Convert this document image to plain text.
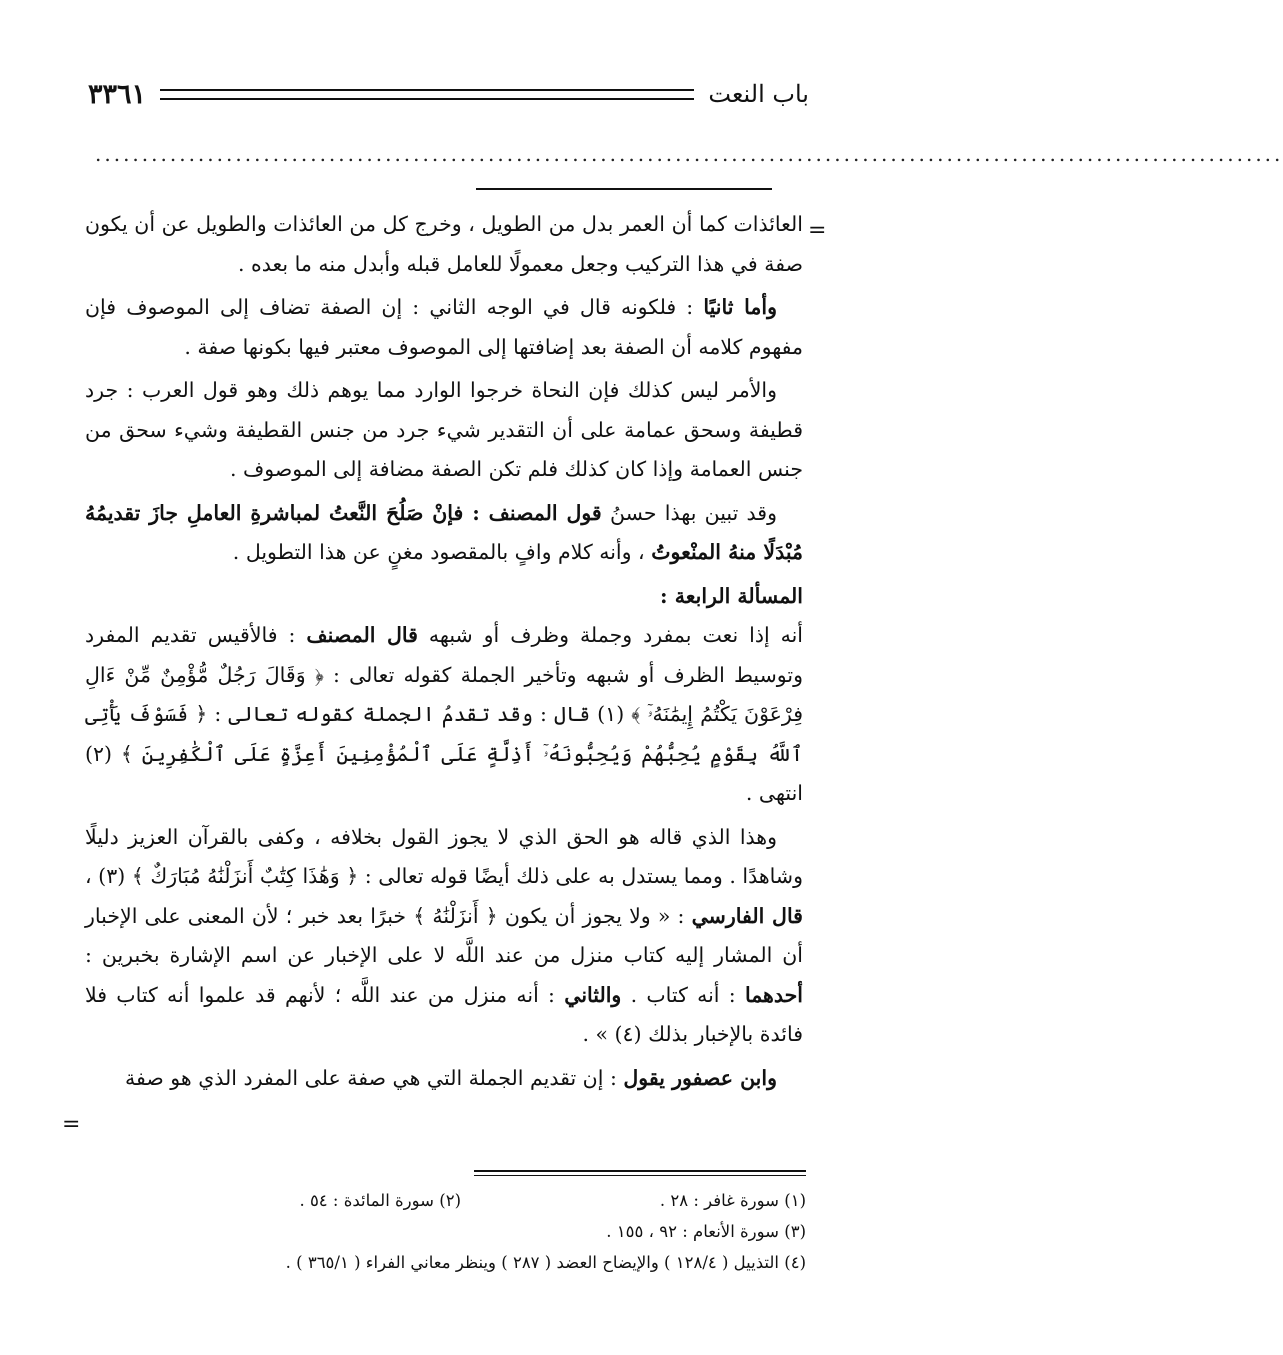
باب النعت
٣٣٦١
...............................................................................................................................
=

العائذات كما أن العمر بدل من الطويل ، وخرج كل من العائذات والطويل عن أن يكون صفة في هذا التركيب وجعل معمولًا للعامل قبله وأبدل منه ما بعده .

وأما ثانيًا : فلكونه قال في الوجه الثاني : إن الصفة تضاف إلى الموصوف فإن مفهوم كلامه أن الصفة بعد إضافتها إلى الموصوف معتبر فيها بكونها صفة .

والأمر ليس كذلك فإن النحاة خرجوا الوارد مما يوهم ذلك وهو قول العرب : جرد قطيفة وسحق عمامة على أن التقدير شيء جرد من جنس القطيفة وشيء سحق من جنس العمامة وإذا كان كذلك فلم تكن الصفة مضافة إلى الموصوف .

وقد تبين بهذا حسنُ قول المصنف : فإنْ صَلُحَ النَّعتُ لمباشرةِ العاملِ جازَ تقديمُهُ مُبْدَلًا منهُ المنْعوتُ ، وأنه كلام وافٍ بالمقصود مغنٍ عن هذا التطويل .

المسألة الرابعة :

أنه إذا نعت بمفرد وجملة وظرف أو شبهه قال المصنف : فالأقيس تقديم المفرد وتوسيط الظرف أو شبهه وتأخير الجملة كقوله تعالى : ﴿ وَقَالَ رَجُلٌ مُّؤْمِنٌ مِّنْ ءَالِ فِرْعَوْنَ يَكْتُمُ إِيمَٰنَهُۥٓ ﴾ (١) قال : وقد تقدمُ الجملة كقوله تعالى : ﴿ فَسَوْفَ يَأْتِى ٱللَّهُ بِقَوْمٍ يُحِبُّهُمْ وَيُحِبُّونَهُۥٓ أَذِلَّةٍ عَلَى ٱلْمُؤْمِنِينَ أَعِزَّةٍ عَلَى ٱلْكَٰفِرِينَ ﴾ (٢) انتهى .

وهذا الذي قاله هو الحق الذي لا يجوز القول بخلافه ، وكفى بالقرآن العزيز دليلًا وشاهدًا . ومما يستدل به على ذلك أيضًا قوله تعالى : ﴿ وَهَٰذَا كِتَٰبٌ أَنزَلْنَٰهُ مُبَارَكٌ ﴾ (٣) ، قال الفارسي : « ولا يجوز أن يكون ﴿ أَنزَلْنَٰهُ ﴾ خبرًا بعد خبر ؛ لأن المعنى على الإخبار أن المشار إليه كتاب منزل من عند اللَّه لا على الإخبار عن اسم الإشارة بخبرين : أحدهما : أنه كتاب . والثاني : أنه منزل من عند اللَّه ؛ لأنهم قد علموا أنه كتاب فلا فائدة بالإخبار بذلك (٤) » .

وابن عصفور يقول : إن تقديم الجملة التي هي صفة على المفرد الذي هو صفة

=
(١) سورة غافر : ٢٨ .
(٢) سورة المائدة : ٥٤ .
(٣) سورة الأنعام : ٩٢ ، ١٥٥ .
(٤) التذييل ( ١٢٨/٤ ) والإيضاح العضد ( ٢٨٧ ) وينظر معاني الفراء ( ٣٦٥/١ ) .
